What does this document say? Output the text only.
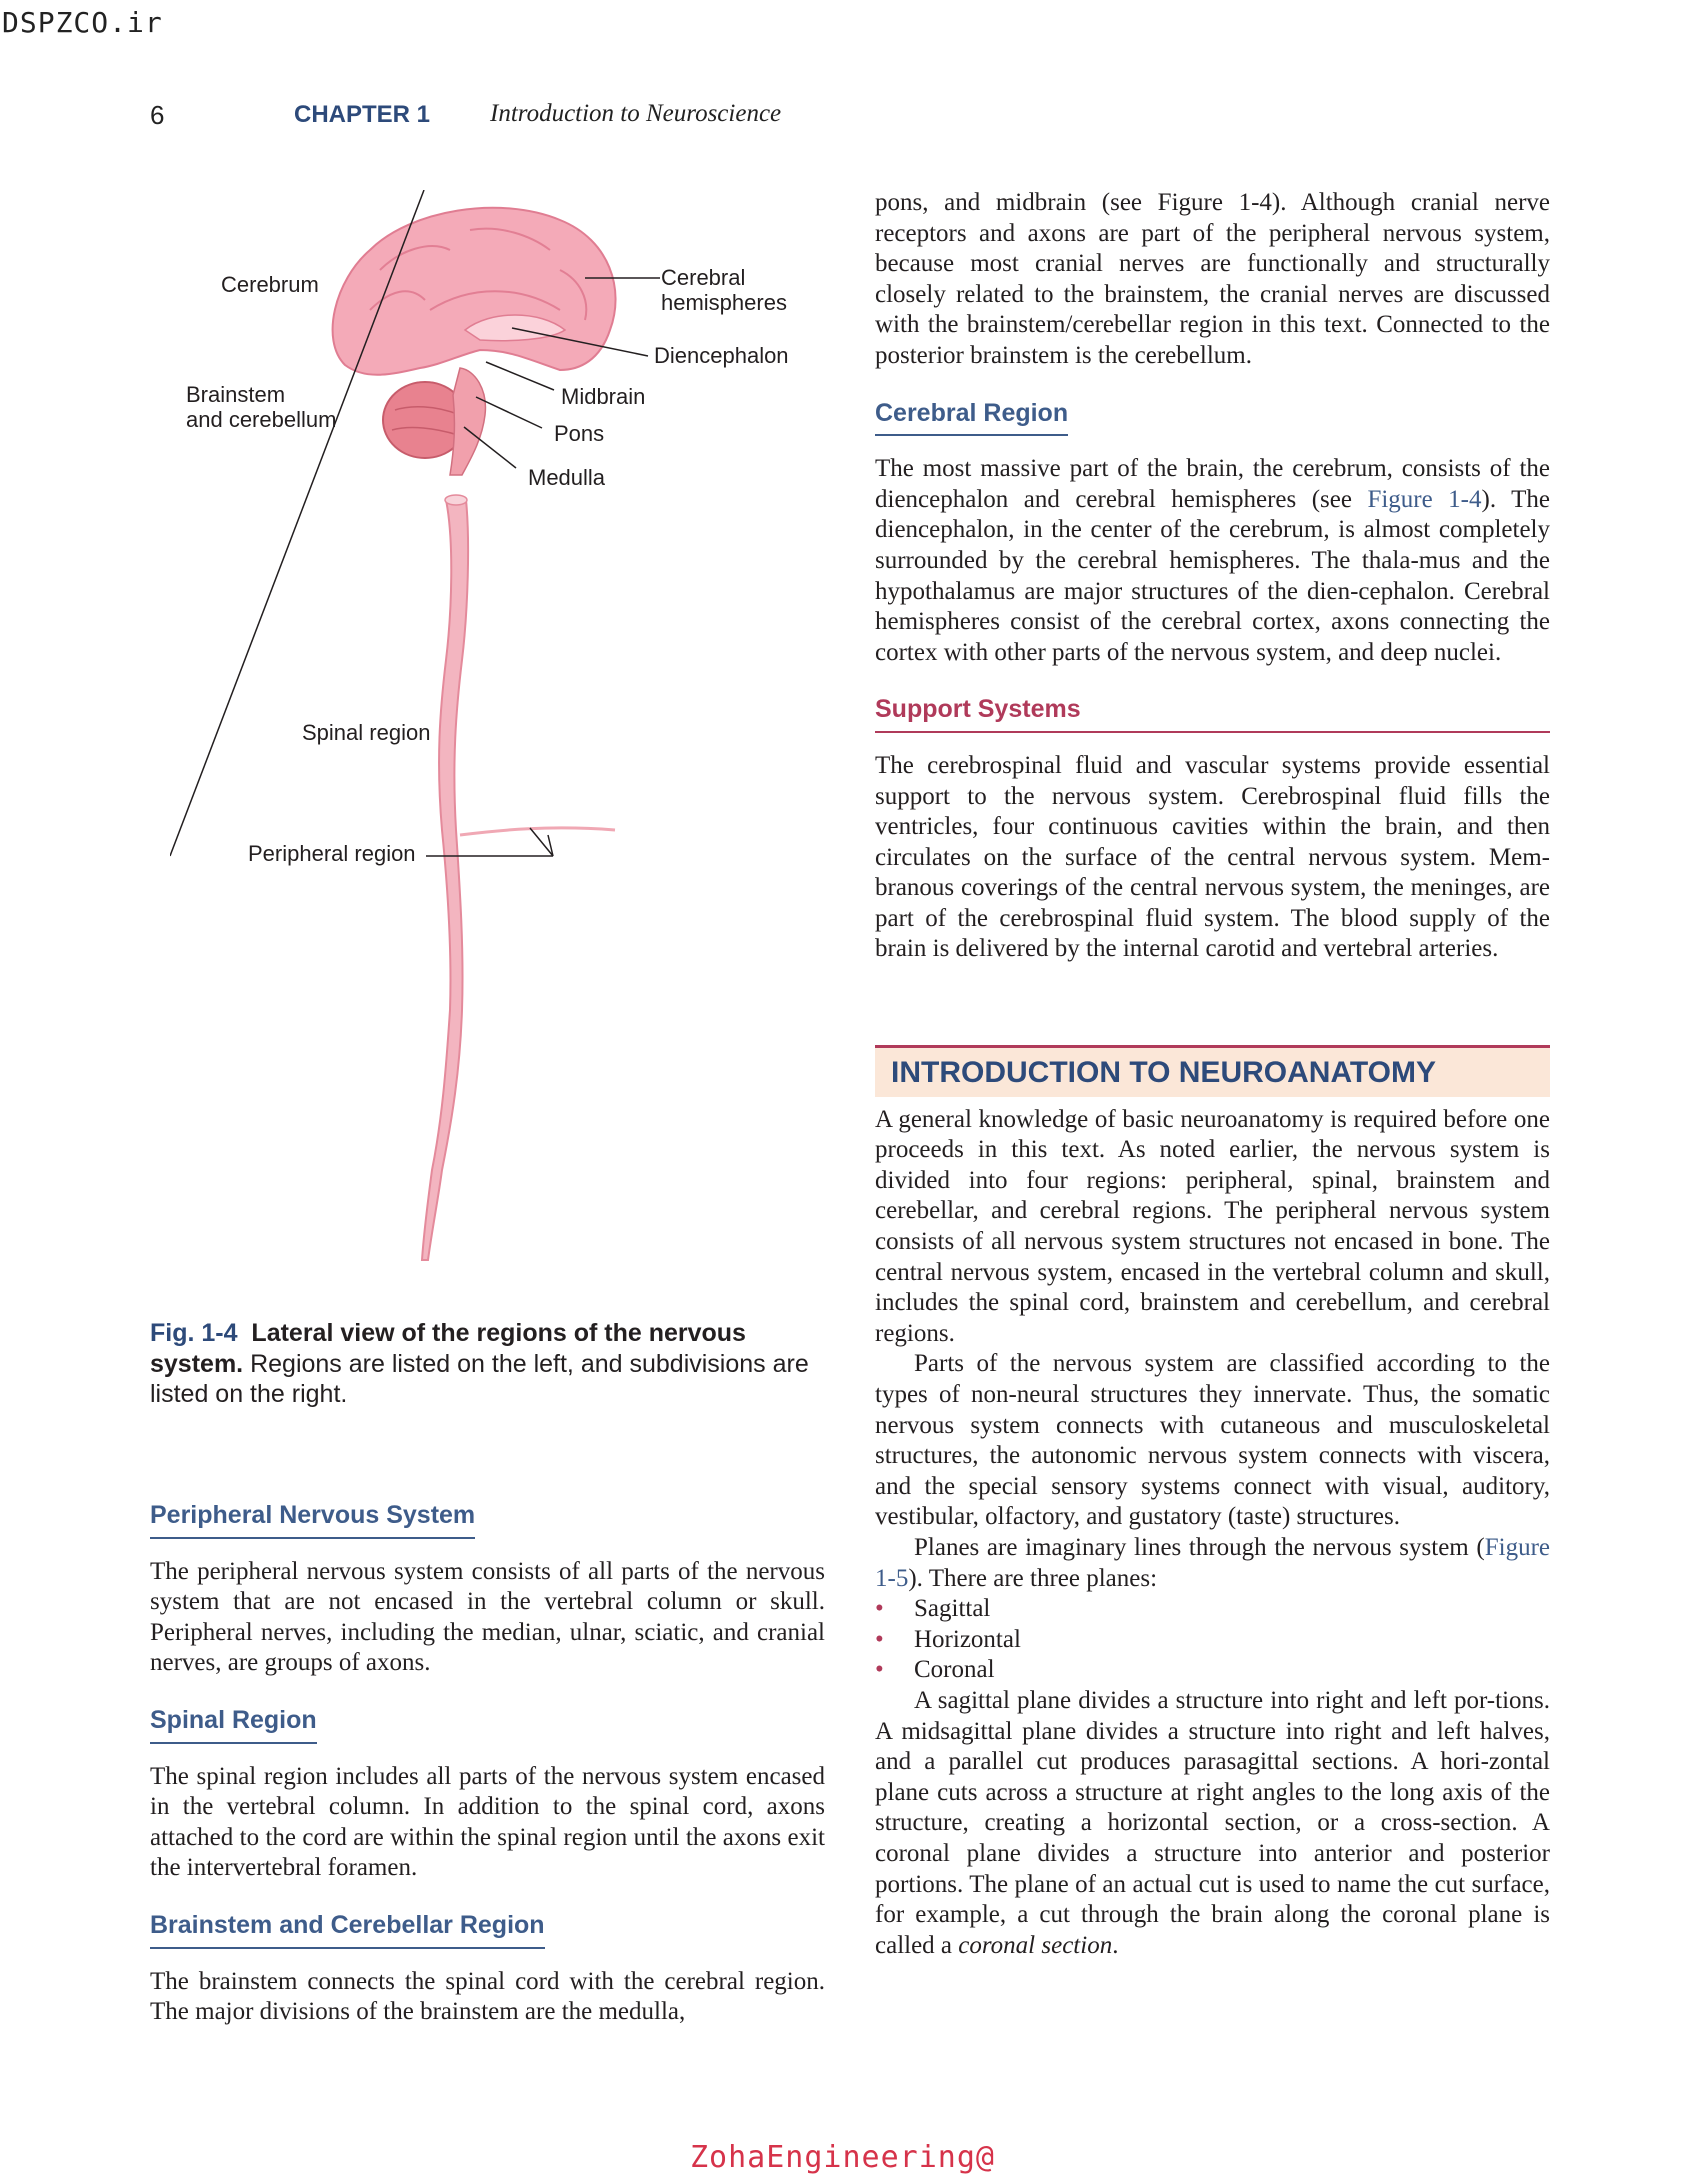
DSPZCO.ir
6	CHAPTER 1 Introduction to Neuroscience
Cerebrum	Cerebral
hemispheres
Diencephalon
Brainstem
and cerebellum
Midbrain
Pons
Medulla
Spinal region
Peripheral region
Fig. 1-4 Lateral view of the regions of the nervous system. Regions are listed on the left, and subdivisions are listed on the right.
Peripheral Nervous System

The peripheral nervous system consists of all parts of the nervous system that are not encased in the vertebral column or skull. Peripheral nerves, including the median, ulnar, sciatic, and cranial nerves, are groups of axons.

Spinal Region

The spinal region includes all parts of the nervous system encased in the vertebral column. In addition to the spinal cord, axons attached to the cord are within the spinal region until the axons exit the intervertebral foramen.

Brainstem and Cerebellar Region

The brainstem connects the spinal cord with the cerebral region. The major divisions of the brainstem are the medulla,

pons, and midbrain (see Figure 1-4). Although cranial nerve receptors and axons are part of the peripheral nervous system, because most cranial nerves are functionally and structurally closely related to the brainstem, the cranial nerves are discussed with the brainstem/cerebellar region in this text. Connected to the posterior brainstem is the cerebellum.

Cerebral Region

The most massive part of the brain, the cerebrum, consists of the diencephalon and cerebral hemispheres (see Figure 1-4). The diencephalon, in the center of the cerebrum, is almost completely surrounded by the cerebral hemispheres. The thala-mus and the hypothalamus are major structures of the dien-cephalon. Cerebral hemispheres consist of the cerebral cortex, axons connecting the cortex with other parts of the nervous system, and deep nuclei.

Support Systems

The cerebrospinal fluid and vascular systems provide essential support to the nervous system. Cerebrospinal fluid fills the ventricles, four continuous cavities within the brain, and then circulates on the surface of the central nervous system. Mem-branous coverings of the central nervous system, the meninges, are part of the cerebrospinal fluid system. The blood supply of the brain is delivered by the internal carotid and vertebral arteries.

INTRODUCTION TO NEUROANATOMY

A general knowledge of basic neuroanatomy is required before one proceeds in this text. As noted earlier, the nervous system is divided into four regions: peripheral, spinal, brainstem and cerebellar, and cerebral regions. The peripheral nervous system consists of all nervous system structures not encased in bone. The central nervous system, encased in the vertebral column and skull, includes the spinal cord, brainstem and cerebellum, and cerebral regions.

Parts of the nervous system are classified according to the types of non-neural structures they innervate. Thus, the somatic nervous system connects with cutaneous and musculoskeletal structures, the autonomic nervous system connects with viscera, and the special sensory systems connect with visual, auditory, vestibular, olfactory, and gustatory (taste) structures.

Planes are imaginary lines through the nervous system (Figure 1-5). There are three planes:

• Sagittal
• Horizontal
• Coronal

A sagittal plane divides a structure into right and left por-tions. A midsagittal plane divides a structure into right and left halves, and a parallel cut produces parasagittal sections. A hori-zontal plane cuts across a structure at right angles to the long axis of the structure, creating a horizontal section, or a cross-section. A coronal plane divides a structure into anterior and posterior portions. The plane of an actual cut is used to name the cut surface, for example, a cut through the brain along the coronal plane is called a coronal section.

ZohaEngineering@
